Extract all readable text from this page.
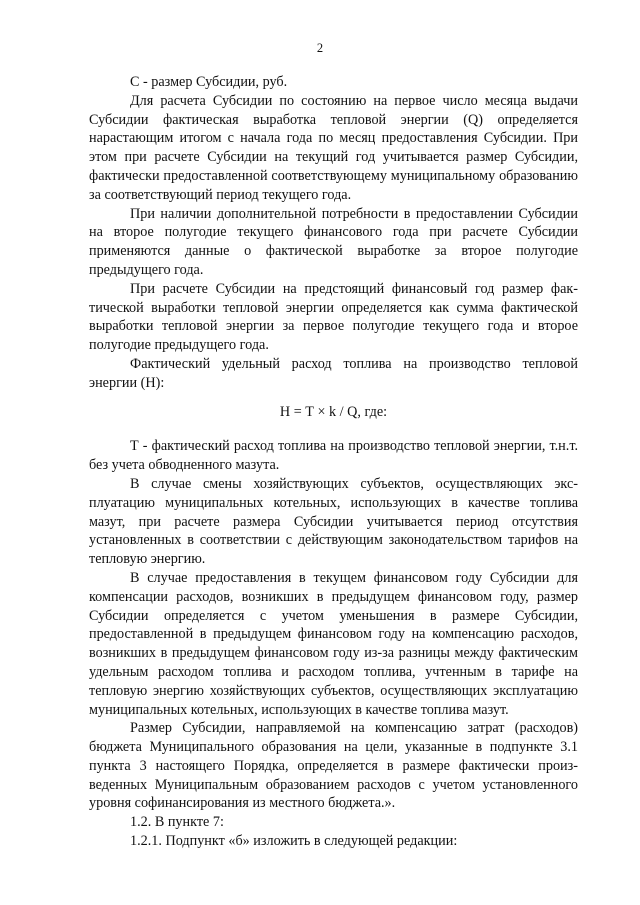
2

С - размер Субсидии, руб.

Для расчета Субсидии по состоянию на первое число месяца выдачи Субсидии фактическая выработка тепловой энергии (Q) определяется нарастающим итогом с начала года по месяц предоставления Субсидии. При этом при расчете Субсидии на текущий год учитывается размер Субсидии, фактически предоставленной соответствующему муниципальному образованию за соответствующий период текущего года.

При наличии дополнительной потребности в предоставлении Субсидии на второе полугодие текущего финансового года при расчете Субсидии применяются данные о фактической выработке за второе полугодие предыдущего года.

При расчете Субсидии на предстоящий финансовый год размер фактической выработки тепловой энергии определяется как сумма фактической выработки тепловой энергии за первое полугодие текущего года и второе полугодие предыдущего года.

Фактический удельный расход топлива на производство тепловой энергии (Н):

Н = Т × k / Q, где:

Т - фактический расход топлива на производство тепловой энергии, т.н.т. без учета обводненного мазута.

В случае смены хозяйствующих субъектов, осуществляющих эксплуатацию муниципальных котельных, использующих в качестве топлива мазут, при расчете размера Субсидии учитывается период отсутствия установленных в соответствии с действующим законодательством тарифов на тепловую энергию.

В случае предоставления в текущем финансовом году Субсидии для компенсации расходов, возникших в предыдущем финансовом году, размер Субсидии определяется с учетом уменьшения в размере Субсидии, предоставленной в предыдущем финансовом году на компенсацию расходов, возникших в предыдущем финансовом году из-за разницы между фактическим удельным расходом топлива и расходом топлива, учтенным в тарифе на тепловую энергию хозяйствующих субъектов, осуществляющих эксплуатацию муниципальных котельных, использующих в качестве топлива мазут.

Размер Субсидии, направляемой на компенсацию затрат (расходов) бюджета Муниципального образования на цели, указанные в подпункте 3.1 пункта 3 настоящего Порядка, определяется в размере фактически произведенных Муниципальным образованием расходов с учетом установленного уровня софинансирования из местного бюджета.».

1.2. В пункте 7:

1.2.1. Подпункт «б» изложить в следующей редакции:
